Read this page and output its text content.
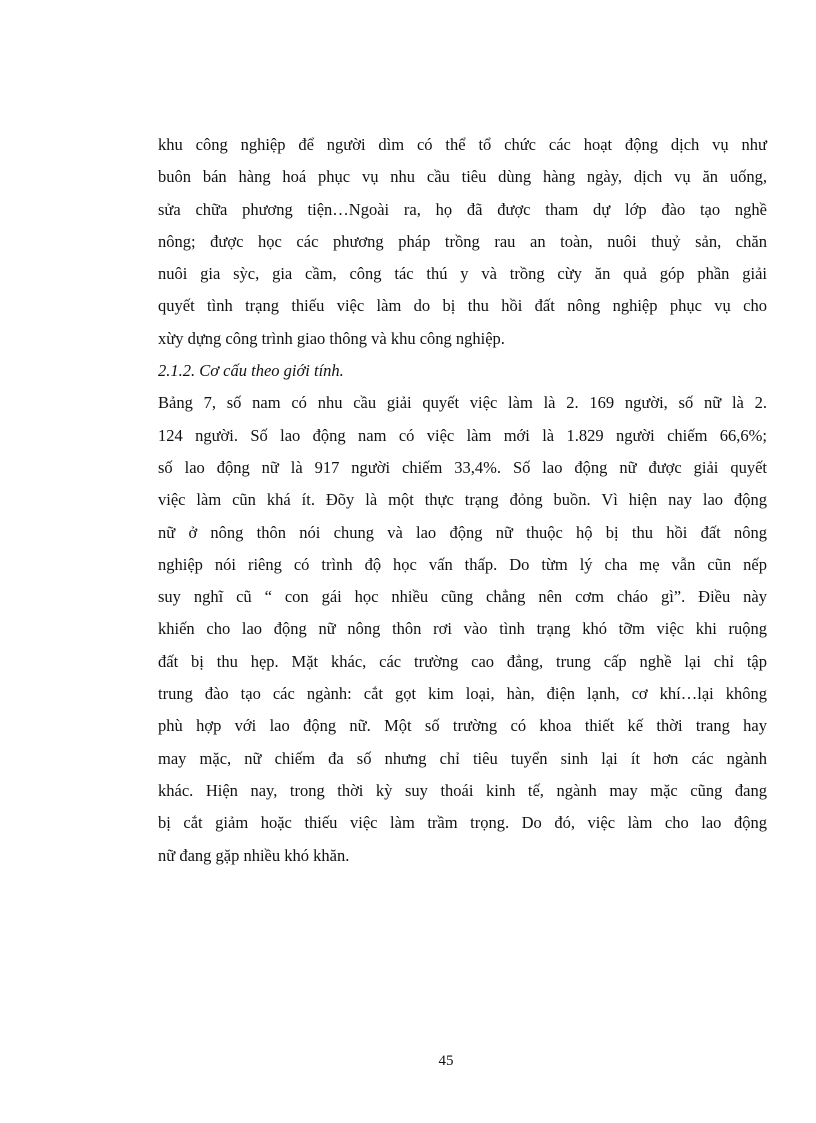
khu công nghiệp để người dìm có thể tổ chức các hoạt động dịch vụ như
buôn bán hàng hoá phục vụ nhu cầu tiêu dùng hàng ngày, dịch vụ ăn uống,
sửa chữa phương tiện…Ngoài ra, họ đã được tham dự lớp đào tạo nghề
nông; được học các phương pháp trồng rau an toàn, nuôi thuỷ sản, chăn
nuôi gia sỳc, gia cầm, công tác thú y và trồng cừy ăn quả góp phần giải
quyết tình trạng thiếu việc làm do bị thu hồi đất nông nghiệp phục vụ cho
xừy dựng công trình giao thông và khu công nghiệp.
2.1.2. Cơ cấu theo giới tính.
Bảng 7, số nam có nhu cầu giải quyết việc làm là 2. 169 người, số nữ là 2.
124 người. Số lao động nam có việc làm mới là 1.829 người chiếm 66,6%;
số lao động nữ là 917 người chiếm 33,4%. Số lao động nữ được giải quyết
việc làm cũn khá ít. Đõy là một thực trạng đỏng buồn. Vì hiện nay lao động
nữ ở nông thôn nói chung và lao động nữ thuộc hộ bị thu hồi đất nông
nghiệp nói riêng có trình độ học vấn thấp. Do từm lý cha mẹ vẫn cũn nếp
suy nghĩ cũ “ con gái học nhiều cũng chẳng nên cơm cháo gì”. Điều này
khiến cho lao động nữ nông thôn rơi vào tình trạng khó tỡm việc khi ruộng
đất bị thu hẹp. Mặt khác, các trường cao đẳng, trung cấp nghề lại chỉ tập
trung đào tạo các ngành: cắt gọt kim loại, hàn, điện lạnh, cơ khí…lại không
phù hợp với lao động nữ. Một số trường có khoa thiết kế thời trang hay
may mặc, nữ chiếm đa số nhưng chỉ tiêu tuyển sinh lại ít hơn các ngành
khác. Hiện nay, trong thời kỳ suy thoái kinh tế, ngành may mặc cũng đang
bị cắt giảm hoặc thiếu việc làm trầm trọng. Do đó, việc làm cho lao động
nữ đang gặp nhiều khó khăn.
45
